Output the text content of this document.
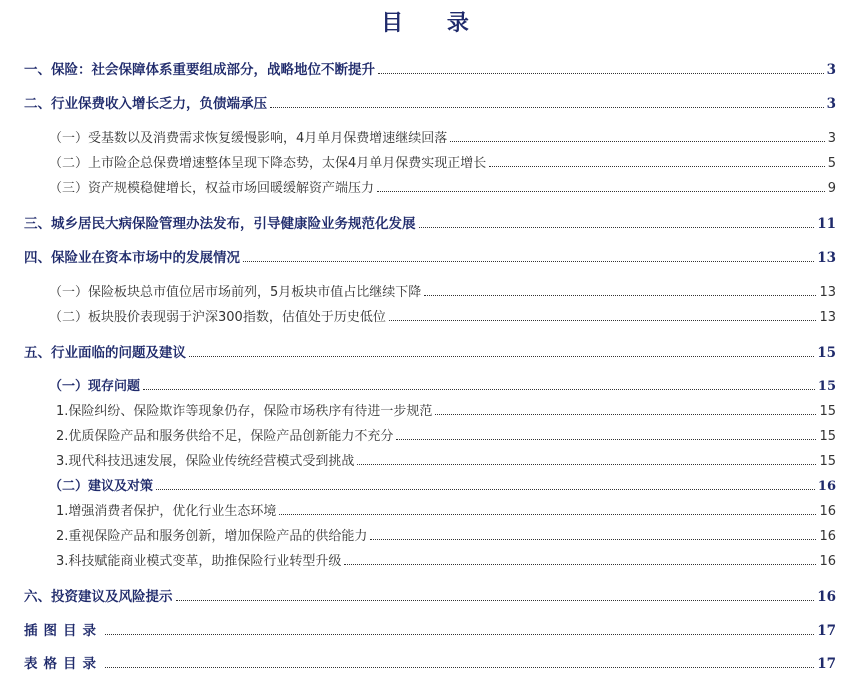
目 录
一、保险：社会保障体系重要组成部分，战略地位不断提升	3
二、行业保费收入增长乏力，负债端承压	3
（一）受基数以及消费需求恢复缓慢影响，4月单月保费增速继续回落	3
（二）上市险企总保费增速整体呈现下降态势，太保4月单月保费实现正增长	5
（三）资产规模稳健增长，权益市场回暖缓解资产端压力	9
三、城乡居民大病保险管理办法发布，引导健康险业务规范化发展	11
四、保险业在资本市场中的发展情况	13
（一）保险板块总市值位居市场前列，5月板块市值占比继续下降	13
（二）板块股价表现弱于沪深300指数，估值处于历史低位	13
五、行业面临的问题及建议	15
（一）现存问题	15
1.保险纠纷、保险欺诈等现象仍存，保险市场秩序有待进一步规范	15
2.优质保险产品和服务供给不足，保险产品创新能力不充分	15
3.现代科技迅速发展，保险业传统经营模式受到挑战	15
（二）建议及对策	16
1.增强消费者保护，优化行业生态环境	16
2.重视保险产品和服务创新，增加保险产品的供给能力	16
3.科技赋能商业模式变革，助推保险行业转型升级	16
六、投资建议及风险提示	16
插图目录	17
表格目录	17
